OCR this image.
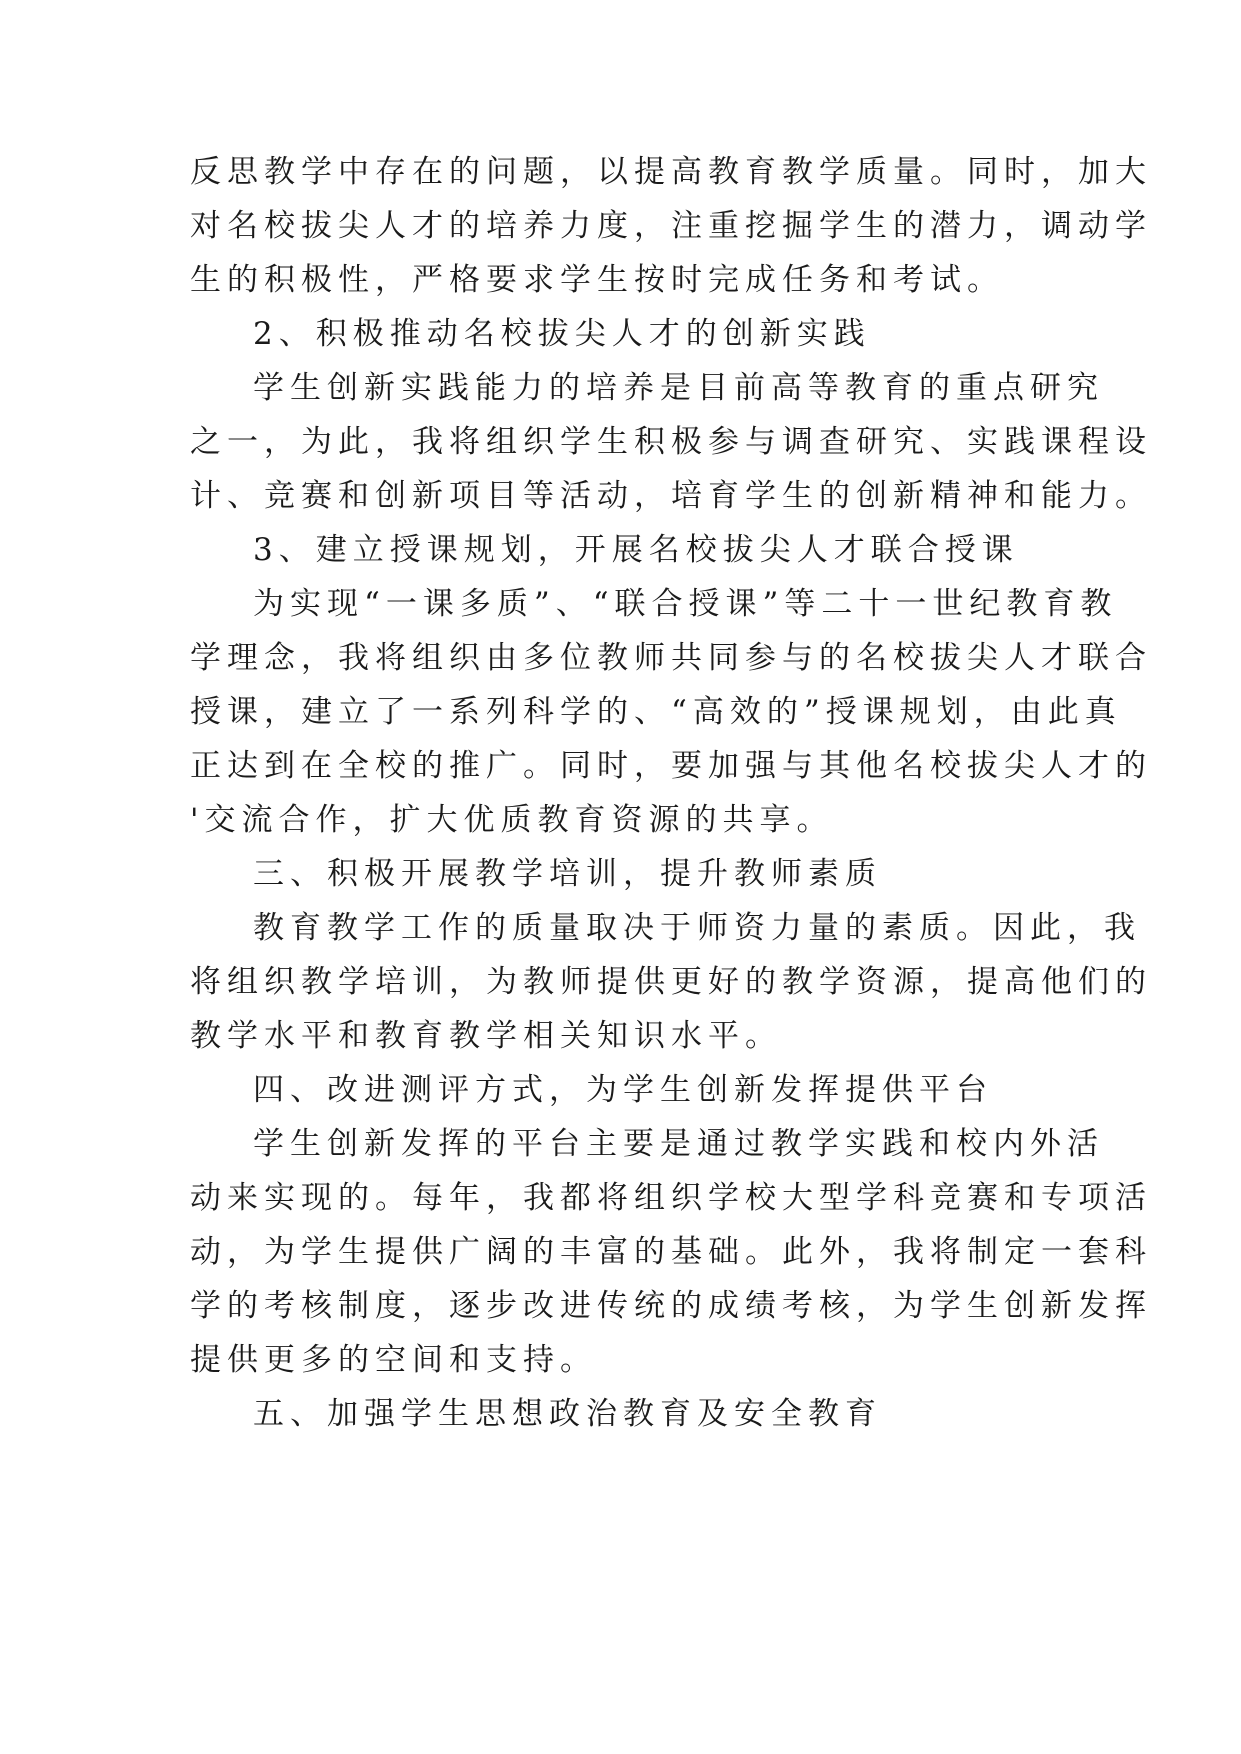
反思教学中存在的问题，以提高教育教学质量。同时，加大
对名校拔尖人才的培养力度，注重挖掘学生的潜力，调动学
生的积极性，严格要求学生按时完成任务和考试。
2、积极推动名校拔尖人才的创新实践
学生创新实践能力的培养是目前高等教育的重点研究
之一，为此，我将组织学生积极参与调查研究、实践课程设
计、竞赛和创新项目等活动，培育学生的创新精神和能力。
3、建立授课规划，开展名校拔尖人才联合授课
为实现“一课多质”、“联合授课”等二十一世纪教育教
学理念，我将组织由多位教师共同参与的名校拔尖人才联合
授课，建立了一系列科学的、“高效的”授课规划，由此真
正达到在全校的推广。同时，要加强与其他名校拔尖人才的
'交流合作，扩大优质教育资源的共享。
三、积极开展教学培训，提升教师素质
教育教学工作的质量取决于师资力量的素质。因此，我
将组织教学培训，为教师提供更好的教学资源，提高他们的
教学水平和教育教学相关知识水平。
四、改进测评方式，为学生创新发挥提供平台
学生创新发挥的平台主要是通过教学实践和校内外活
动来实现的。每年，我都将组织学校大型学科竞赛和专项活
动，为学生提供广阔的丰富的基础。此外，我将制定一套科
学的考核制度，逐步改进传统的成绩考核，为学生创新发挥
提供更多的空间和支持。
五、加强学生思想政治教育及安全教育
